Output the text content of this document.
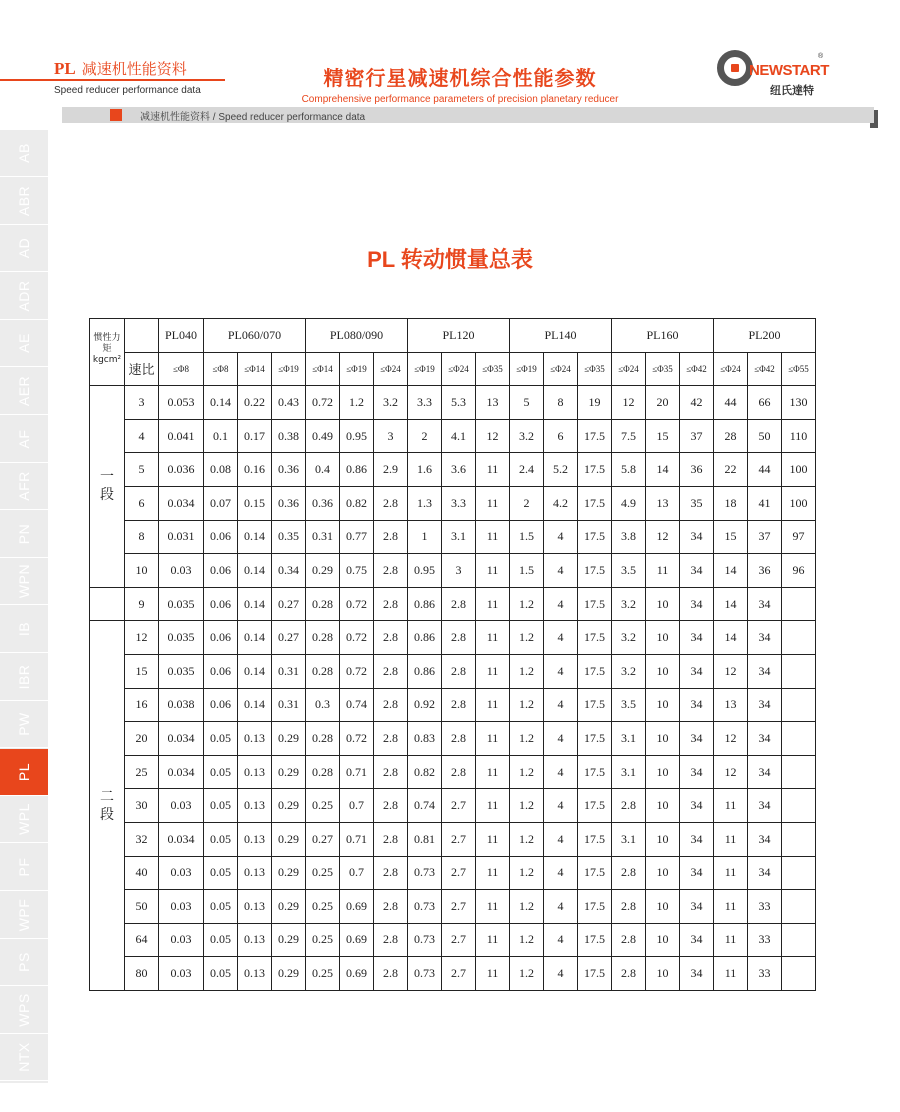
PL 减速机性能资料
Speed reducer performance data
精密行星减速机综合性能参数
Comprehensive performance parameters of precision planetary reducer
NEWSTART
®
纽氏達特
减速机性能资料 / Speed reducer performance data
AB
ABR
AD
ADR
AE
AER
AF
AFR
PN
WPN
IB
IBR
PW
PL
WPL
PF
WPF
PS
WPS
NTX
PL 转动惯量总表
惯性力
矩
kgcm²		PL040	PL060/070			PL080/090			PL120			PL140			PL160			PL200		
	速比	≤Φ8	≤Φ8	≤Φ14	≤Φ19	≤Φ14	≤Φ19	≤Φ24	≤Φ19	≤Φ24	≤Φ35	≤Φ19	≤Φ24	≤Φ35	≤Φ24	≤Φ35	≤Φ42	≤Φ24	≤Φ42	≤Φ55
一
段	3	0.053	0.14	0.22	0.43	0.72	1.2	3.2	3.3	5.3	13	5	8	19	12	20	42	44	66	130
	4	0.041	0.1	0.17	0.38	0.49	0.95	3	2	4.1	12	3.2	6	17.5	7.5	15	37	28	50	110
	5	0.036	0.08	0.16	0.36	0.4	0.86	2.9	1.6	3.6	11	2.4	5.2	17.5	5.8	14	36	22	44	100
	6	0.034	0.07	0.15	0.36	0.36	0.82	2.8	1.3	3.3	11	2	4.2	17.5	4.9	13	35	18	41	100
	8	0.031	0.06	0.14	0.35	0.31	0.77	2.8	1	3.1	11	1.5	4	17.5	3.8	12	34	15	37	97
	10	0.03	0.06	0.14	0.34	0.29	0.75	2.8	0.95	3	11	1.5	4	17.5	3.5	11	34	14	36	96
	9	0.035	0.06	0.14	0.27	0.28	0.72	2.8	0.86	2.8	11	1.2	4	17.5	3.2	10	34	14	34	
二
段	12	0.035	0.06	0.14	0.27	0.28	0.72	2.8	0.86	2.8	11	1.2	4	17.5	3.2	10	34	14	34	
	15	0.035	0.06	0.14	0.31	0.28	0.72	2.8	0.86	2.8	11	1.2	4	17.5	3.2	10	34	12	34	
	16	0.038	0.06	0.14	0.31	0.3	0.74	2.8	0.92	2.8	11	1.2	4	17.5	3.5	10	34	13	34	
	20	0.034	0.05	0.13	0.29	0.28	0.72	2.8	0.83	2.8	11	1.2	4	17.5	3.1	10	34	12	34	
	25	0.034	0.05	0.13	0.29	0.28	0.71	2.8	0.82	2.8	11	1.2	4	17.5	3.1	10	34	12	34	
	30	0.03	0.05	0.13	0.29	0.25	0.7	2.8	0.74	2.7	11	1.2	4	17.5	2.8	10	34	11	34	
	32	0.034	0.05	0.13	0.29	0.27	0.71	2.8	0.81	2.7	11	1.2	4	17.5	3.1	10	34	11	34	
	40	0.03	0.05	0.13	0.29	0.25	0.7	2.8	0.73	2.7	11	1.2	4	17.5	2.8	10	34	11	34	
	50	0.03	0.05	0.13	0.29	0.25	0.69	2.8	0.73	2.7	11	1.2	4	17.5	2.8	10	34	11	33	
	64	0.03	0.05	0.13	0.29	0.25	0.69	2.8	0.73	2.7	11	1.2	4	17.5	2.8	10	34	11	33	
	80	0.03	0.05	0.13	0.29	0.25	0.69	2.8	0.73	2.7	11	1.2	4	17.5	2.8	10	34	11	33	
